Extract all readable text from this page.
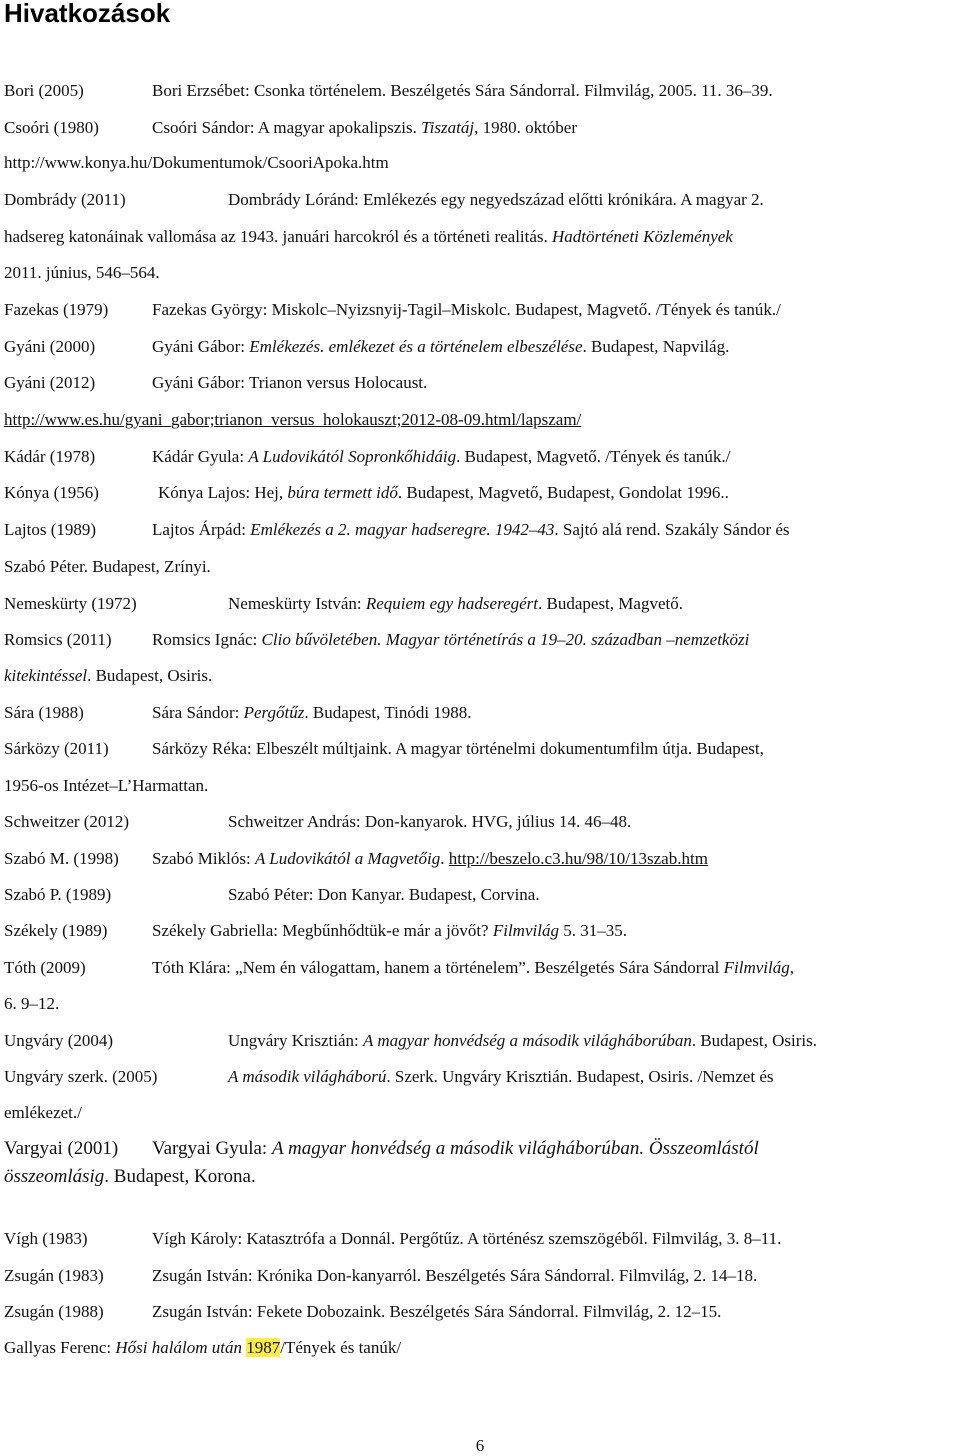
Hivatkozások
Bori (2005)	Bori Erzsébet: Csonka történelem. Beszélgetés Sára Sándorral. Filmvilág, 2005. 11. 36–39.
Csoóri (1980)	Csoóri Sándor: A magyar apokalipszis. Tiszatáj, 1980. október
http://www.konya.hu/Dokumentumok/CsooriApoka.htm
Dombrády (2011)	Dombrády Lóránd: Emlékezés egy negyedszázad előtti krónikára. A magyar 2.
hadsereg katonáinak vallomása az 1943. januári harcokról és a történeti realitás. Hadtörténeti Közlemények
2011. június, 546–564.
Fazekas (1979)	Fazekas György: Miskolc–Nyizsnyij-Tagil–Miskolc. Budapest, Magvető. /Tények és tanúk./
Gyáni (2000)	Gyáni Gábor: Emlékezés. emlékezet és a történelem elbeszélése. Budapest, Napvilág.
Gyáni (2012)	Gyáni Gábor: Trianon versus Holocaust.
http://www.es.hu/gyani_gabor;trianon_versus_holokauszt;2012-08-09.html/lapszam/
Kádár (1978)	Kádár Gyula: A Ludovikától Sopronkőhidáig. Budapest, Magvető. /Tények és tanúk./
Kónya (1956)	Kónya Lajos: Hej, búra termett idő. Budapest, Magvető, Budapest, Gondolat 1996..
Lajtos (1989)	Lajtos Árpád: Emlékezés a 2. magyar hadseregre. 1942–43. Sajtó alá rend. Szakály Sándor és
Szabó Péter. Budapest, Zrínyi.
Nemeskürty (1972)	Nemeskürty István: Requiem egy hadseregért. Budapest, Magvető.
Romsics (2011) Romsics Ignác: Clio bűvöletében. Magyar történetírás a 19–20. században –nemzetközi
kitekintéssel. Budapest, Osiris.
Sára (1988)	Sára Sándor: Pergőtűz. Budapest, Tinódi 1988.
Sárközy (2011)	Sárközy Réka: Elbeszélt múltjaink. A magyar történelmi dokumentumfilm útja. Budapest,
1956-os Intézet–L’Harmattan.
Schweitzer (2012)	Schweitzer András: Don-kanyarok. HVG, július 14. 46–48.
Szabó M. (1998) Szabó Miklós: A Ludovikától a Magvetőig. http://beszelo.c3.hu/98/10/13szab.htm
Szabó P. (1989)	Szabó Péter: Don Kanyar. Budapest, Corvina.
Székely (1989)	Székely Gabriella: Megbűnhődtük-e már a jövőt? Filmvilág 5. 31–35.
Tóth (2009)	Tóth Klára: „Nem én válogattam, hanem a történelem”. Beszélgetés Sára Sándorral Filmvilág,
6. 9–12.
Ungváry (2004)	Ungváry Krisztián: A magyar honvédség a második világháborúban. Budapest, Osiris.
Ungváry szerk. (2005)	A második világháború. Szerk. Ungváry Krisztián. Budapest, Osiris. /Nemzet és
emlékezet./
Vargyai (2001) Vargyai Gyula: A magyar honvédség a második világháborúban. Összeomlástól
összeomlásig. Budapest, Korona.
Vígh (1983)	Vígh Károly: Katasztrófa a Donnál. Pergőtűz. A történész szemszögéből. Filmvilág, 3. 8–11.
Zsugán (1983)	Zsugán István: Krónika Don-kanyarról. Beszélgetés Sára Sándorral. Filmvilág, 2. 14–18.
Zsugán (1988)	Zsugán István: Fekete Dobozaink. Beszélgetés Sára Sándorral. Filmvilág, 2. 12–15.
Gallyas Ferenc: Hősi halálom után 1987/Tények és tanúk/
6
